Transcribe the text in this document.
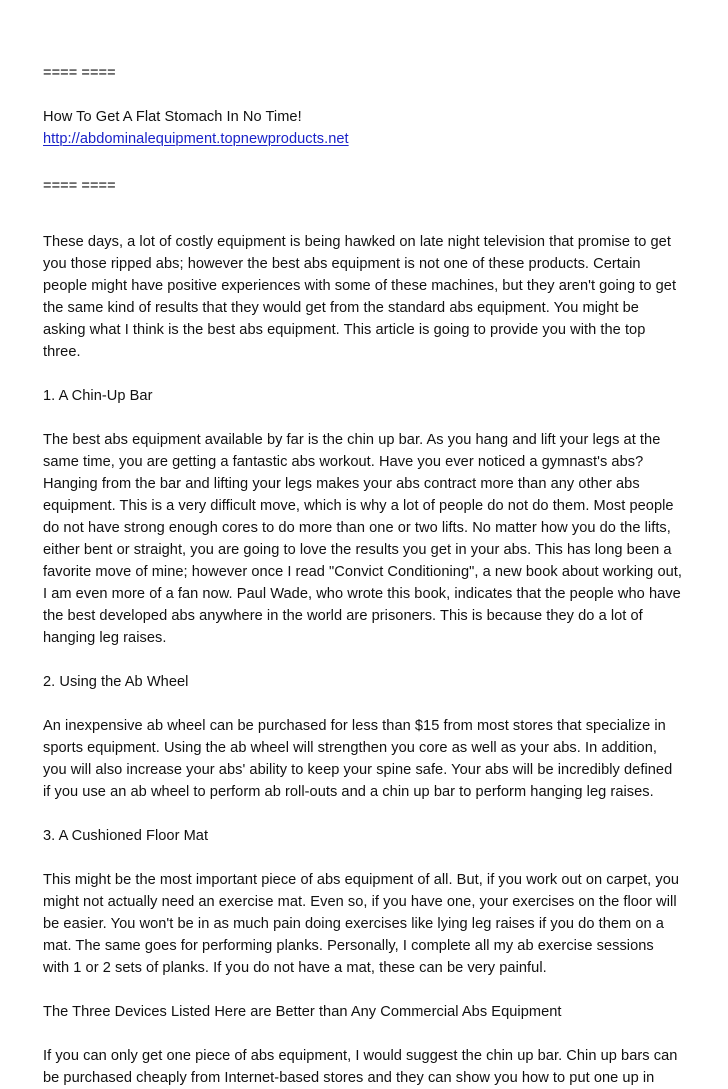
==== ====
How To Get A Flat Stomach In No Time!
http://abdominalequipment.topnewproducts.net
==== ====
These days, a lot of costly equipment is being hawked on late night television that promise to get
you those ripped abs; however the best abs equipment is not one of these products. Certain
people might have positive experiences with some of these machines, but they aren't going to get
the same kind of results that they would get from the standard abs equipment. You might be
asking what I think is the best abs equipment. This article is going to provide you with the top
three.
1. A Chin-Up Bar
The best abs equipment available by far is the chin up bar. As you hang and lift your legs at the
same time, you are getting a fantastic abs workout. Have you ever noticed a gymnast's abs?
Hanging from the bar and lifting your legs makes your abs contract more than any other abs
equipment. This is a very difficult move, which is why a lot of people do not do them. Most people
do not have strong enough cores to do more than one or two lifts. No matter how you do the lifts,
either bent or straight, you are going to love the results you get in your abs. This has long been a
favorite move of mine; however once I read "Convict Conditioning", a new book about working out,
I am even more of a fan now. Paul Wade, who wrote this book, indicates that the people who have
the best developed abs anywhere in the world are prisoners. This is because they do a lot of
hanging leg raises.
2. Using the Ab Wheel
An inexpensive ab wheel can be purchased for less than $15 from most stores that specialize in
sports equipment. Using the ab wheel will strengthen you core as well as your abs. In addition,
you will also increase your abs' ability to keep your spine safe. Your abs will be incredibly defined
if you use an ab wheel to perform ab roll-outs and a chin up bar to perform hanging leg raises.
3. A Cushioned Floor Mat
This might be the most important piece of abs equipment of all. But, if you work out on carpet, you
might not actually need an exercise mat. Even so, if you have one, your exercises on the floor will
be easier. You won't be in as much pain doing exercises like lying leg raises if you do them on a
mat. The same goes for performing planks. Personally, I complete all my ab exercise sessions
with 1 or 2 sets of planks. If you do not have a mat, these can be very painful.
The Three Devices Listed Here are Better than Any Commercial Abs Equipment
If you can only get one piece of abs equipment, I would suggest the chin up bar. Chin up bars can
be purchased cheaply from Internet-based stores and they can show you how to put one up in
